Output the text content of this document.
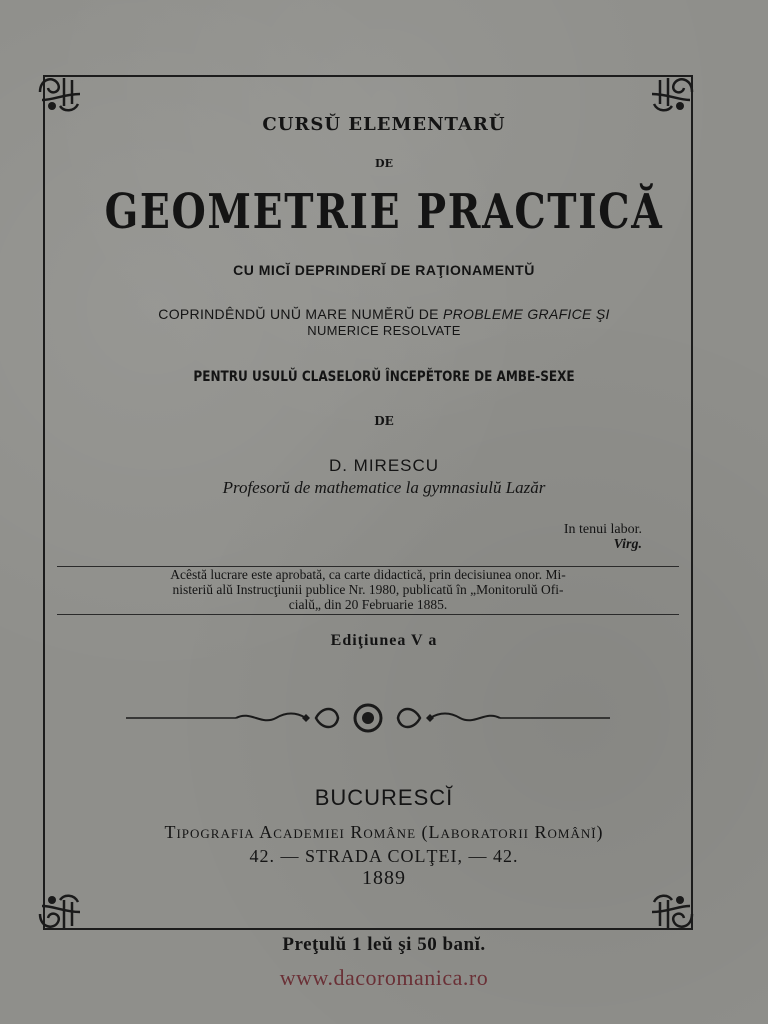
CURSŬ ELEMENTARŬ
DE
GEOMETRIE PRACTICĂ
CU MICĬ DEPRINDERĬ DE RAŢIONAMENTŬ
COPRINDÊNDŬ UNŬ MARE NUMĔRŬ DE PROBLEME GRAFICE ŞI
NUMERICE RESOLVATE
PENTRU USULŬ CLASELORŬ ÎNCEPĔTORE DE AMBE-SEXE
DE
D. MIRESCU
Profesorŭ de mathematice la gymnasiulŭ Lazăr
In tenui labor.
Virg.
Acêstă lucrare este aprobată, ca carte didactică, prin decisiunea onor. Mi-
nisteriŭ alŭ Instrucţiunii publice Nr. 1980, publicatŭ în „Monitorulŭ Ofi-
cialŭ„ din 20 Februarie 1885.
Ediţiunea V a
BUCURESCĬ
Tipografia Academiei Române (Laboratorii Românĭ)
42. — STRADA COLŢEI, — 42.
1889
Preţulŭ 1 leŭ şi 50 banĭ.
www.dacoromanica.ro
